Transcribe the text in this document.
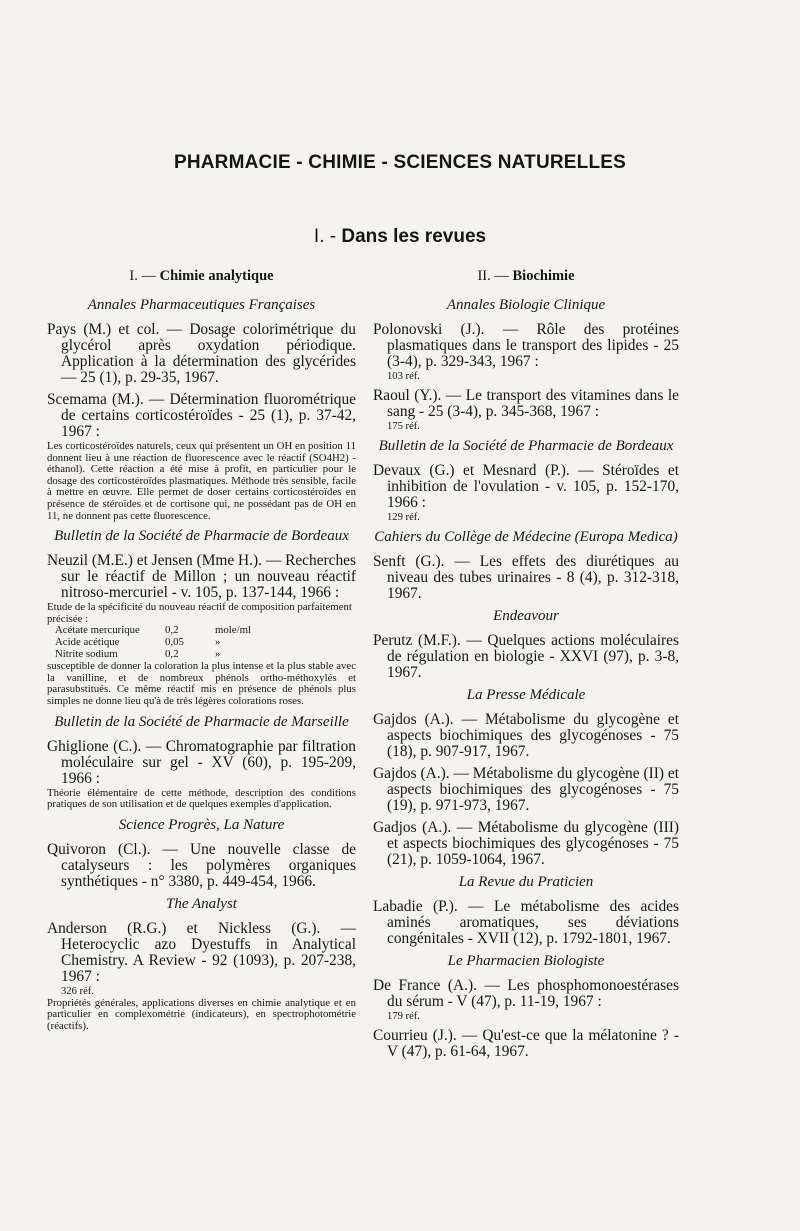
PHARMACIE - CHIMIE - SCIENCES NATURELLES
I. - Dans les revues
I. — Chimie analytique
Annales Pharmaceutiques Françaises

Pays (M.) et col. — Dosage colorimétrique du glycérol après oxydation périodique. Application à la détermination des glycérides — 25 (1), p. 29-35, 1967.

Scemama (M.). — Détermination fluorométrique de certains corticostéroïdes - 25 (1), p. 37-42, 1967 :

Les corticostéroïdes naturels, ceux qui présentent un OH en position 11 donnent lieu à une réaction de fluorescence avec le réactif (SO4H2) - éthanol). Cette réaction a été mise à profit, en particulier pour le dosage des corticostéroïdes plasmatiques. Méthode très sensible, facile à mettre en œuvre. Elle permet de doser certains corticostéroïdes en présence de stéroïdes et de cortisone qui, ne possédant pas de OH en 11, ne donnent pas cette fluorescence.

Bulletin de la Société de Pharmacie de Bordeaux

Neuzil (M.E.) et Jensen (Mme H.). — Recherches sur le réactif de Millon ; un nouveau réactif nitroso-mercuriel - v. 105, p. 137-144, 1966 :

Etude de la spécificité du nouveau réactif de composition parfaitement précisée :

Acétate mercurique	0,2	mole/ml
Acide acétique	0,05	»
Nitrite sodium	0,2	»

susceptible de donner la coloration la plus intense et la plus stable avec la vanilline, et de nombreux phénols ortho-méthoxylés et parasubstitués. Ce même réactif mis en présence de phénols plus simples ne donne lieu qu'à de très légères colorations roses.

Bulletin de la Société de Pharmacie de Marseille

Ghiglione (C.). — Chromatographie par filtration moléculaire sur gel - XV (60), p. 195-209, 1966 :

Théorie élémentaire de cette méthode, description des conditions pratiques de son utilisation et de quelques exemples d'application.

Science Progrès, La Nature

Quivoron (Cl.). — Une nouvelle classe de catalyseurs : les polymères organiques synthétiques - n° 3380, p. 449-454, 1966.

The Analyst

Anderson (R.G.) et Nickless (G.). — Heterocyclic azo Dyestuffs in Analytical Chemistry. A Review - 92 (1093), p. 207-238, 1967 :

326 réf.

Propriétés générales, applications diverses en chimie analytique et en particulier en complexométrie (indicateurs), en spectrophotométrie (réactifs).

II. — Biochimie
Annales Biologie Clinique

Polonovski (J.). — Rôle des protéines plasmatiques dans le transport des lipides - 25 (3-4), p. 329-343, 1967 :

103 réf.

Raoul (Y.). — Le transport des vitamines dans le sang - 25 (3-4), p. 345-368, 1967 :

175 réf.

Bulletin de la Société de Pharmacie de Bordeaux

Devaux (G.) et Mesnard (P.). — Stéroïdes et inhibition de l'ovulation - v. 105, p. 152-170, 1966 :

129 réf.

Cahiers du Collège de Médecine (Europa Medica)

Senft (G.). — Les effets des diurétiques au niveau des tubes urinaires - 8 (4), p. 312-318, 1967.

Endeavour

Perutz (M.F.). — Quelques actions moléculaires de régulation en biologie - XXVI (97), p. 3-8, 1967.

La Presse Médicale

Gajdos (A.). — Métabolisme du glycogène et aspects biochimiques des glycogénoses - 75 (18), p. 907-917, 1967.

Gajdos (A.). — Métabolisme du glycogène (II) et aspects biochimiques des glycogénoses - 75 (19), p. 971-973, 1967.

Gadjos (A.). — Métabolisme du glycogène (III) et aspects biochimiques des glycogénoses - 75 (21), p. 1059-1064, 1967.

La Revue du Praticien

Labadie (P.). — Le métabolisme des acides aminés aromatiques, ses déviations congénitales - XVII (12), p. 1792-1801, 1967.

Le Pharmacien Biologiste

De France (A.). — Les phosphomonoestérases du sérum - V (47), p. 11-19, 1967 :

179 réf.

Courrieu (J.). — Qu'est-ce que la mélatonine ? - V (47), p. 61-64, 1967.
